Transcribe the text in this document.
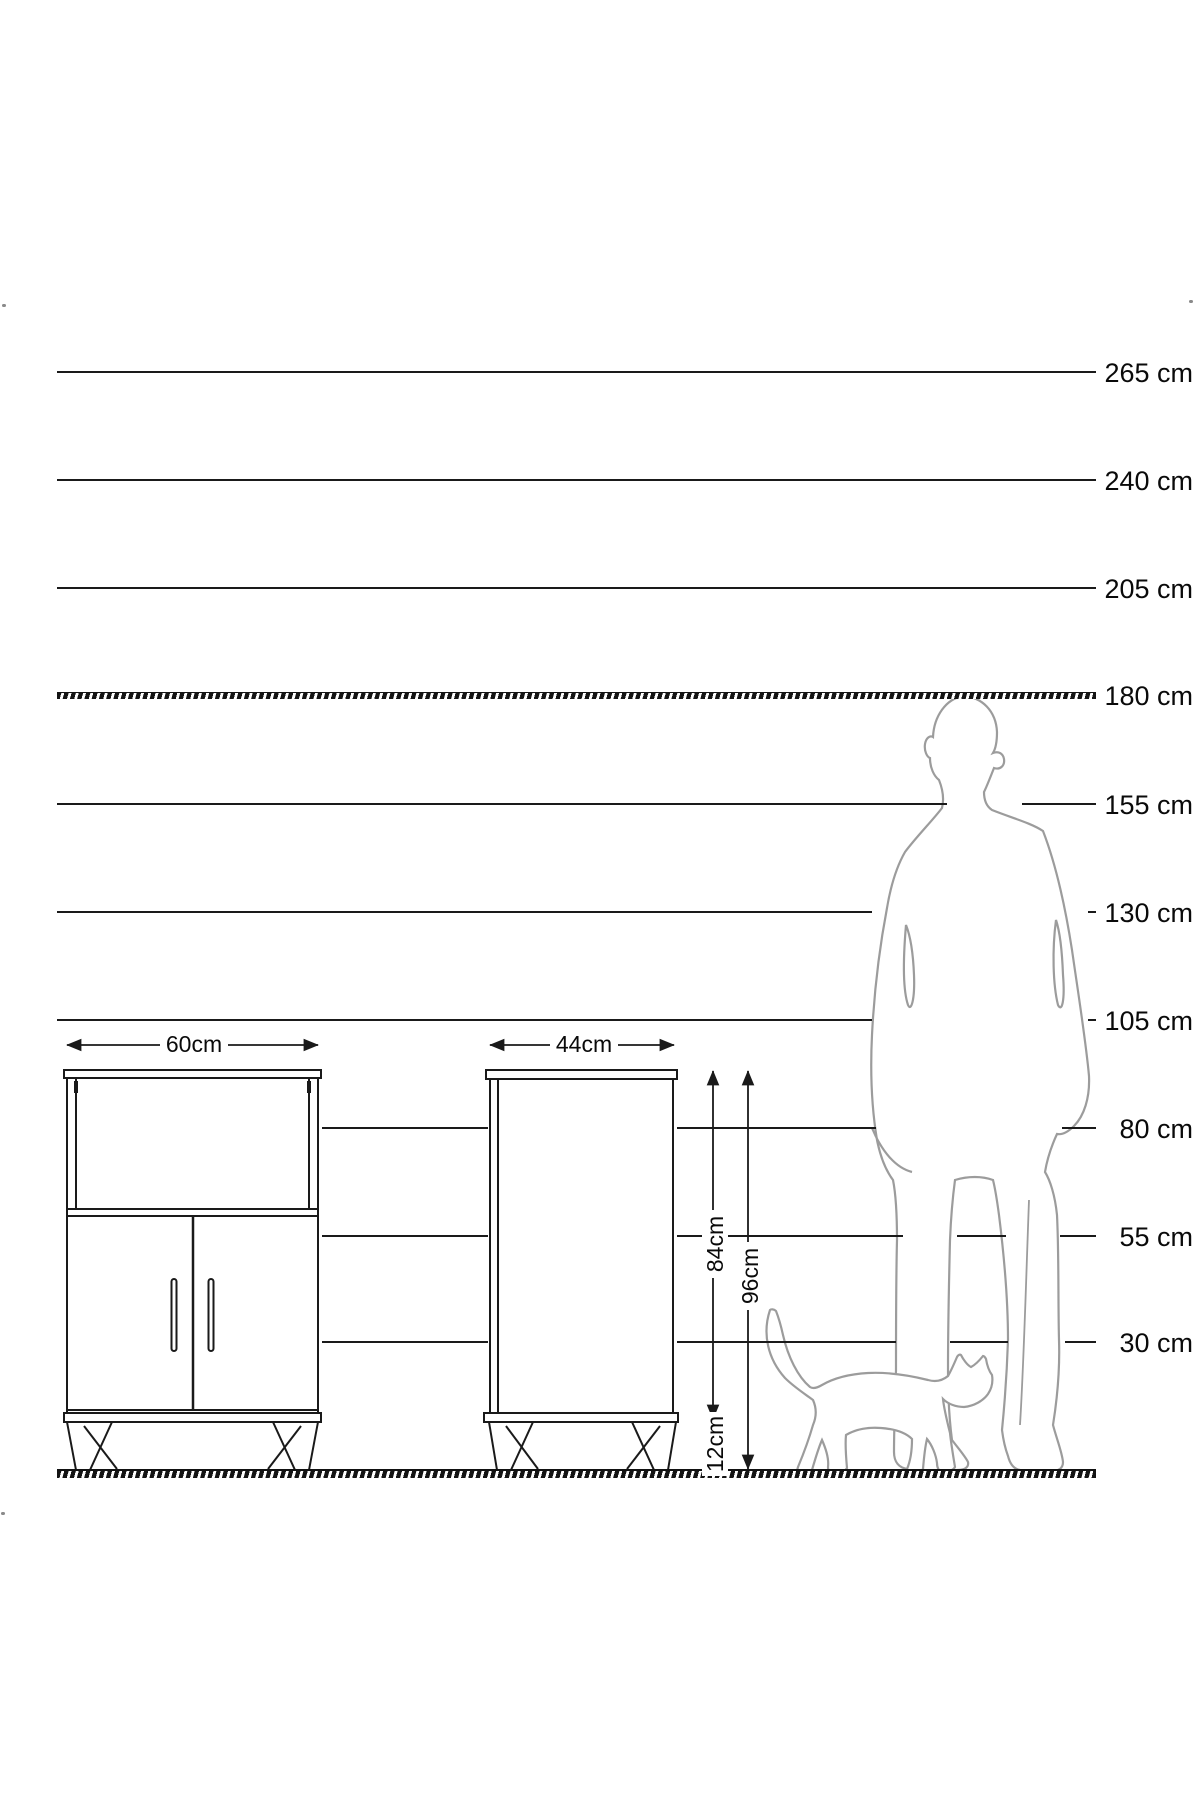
265 cm
240 cm
205 cm
180 cm
155 cm
130 cm
105 cm
80 cm
55 cm
30 cm
60cm	44cm
84cm
96cm
12cm
